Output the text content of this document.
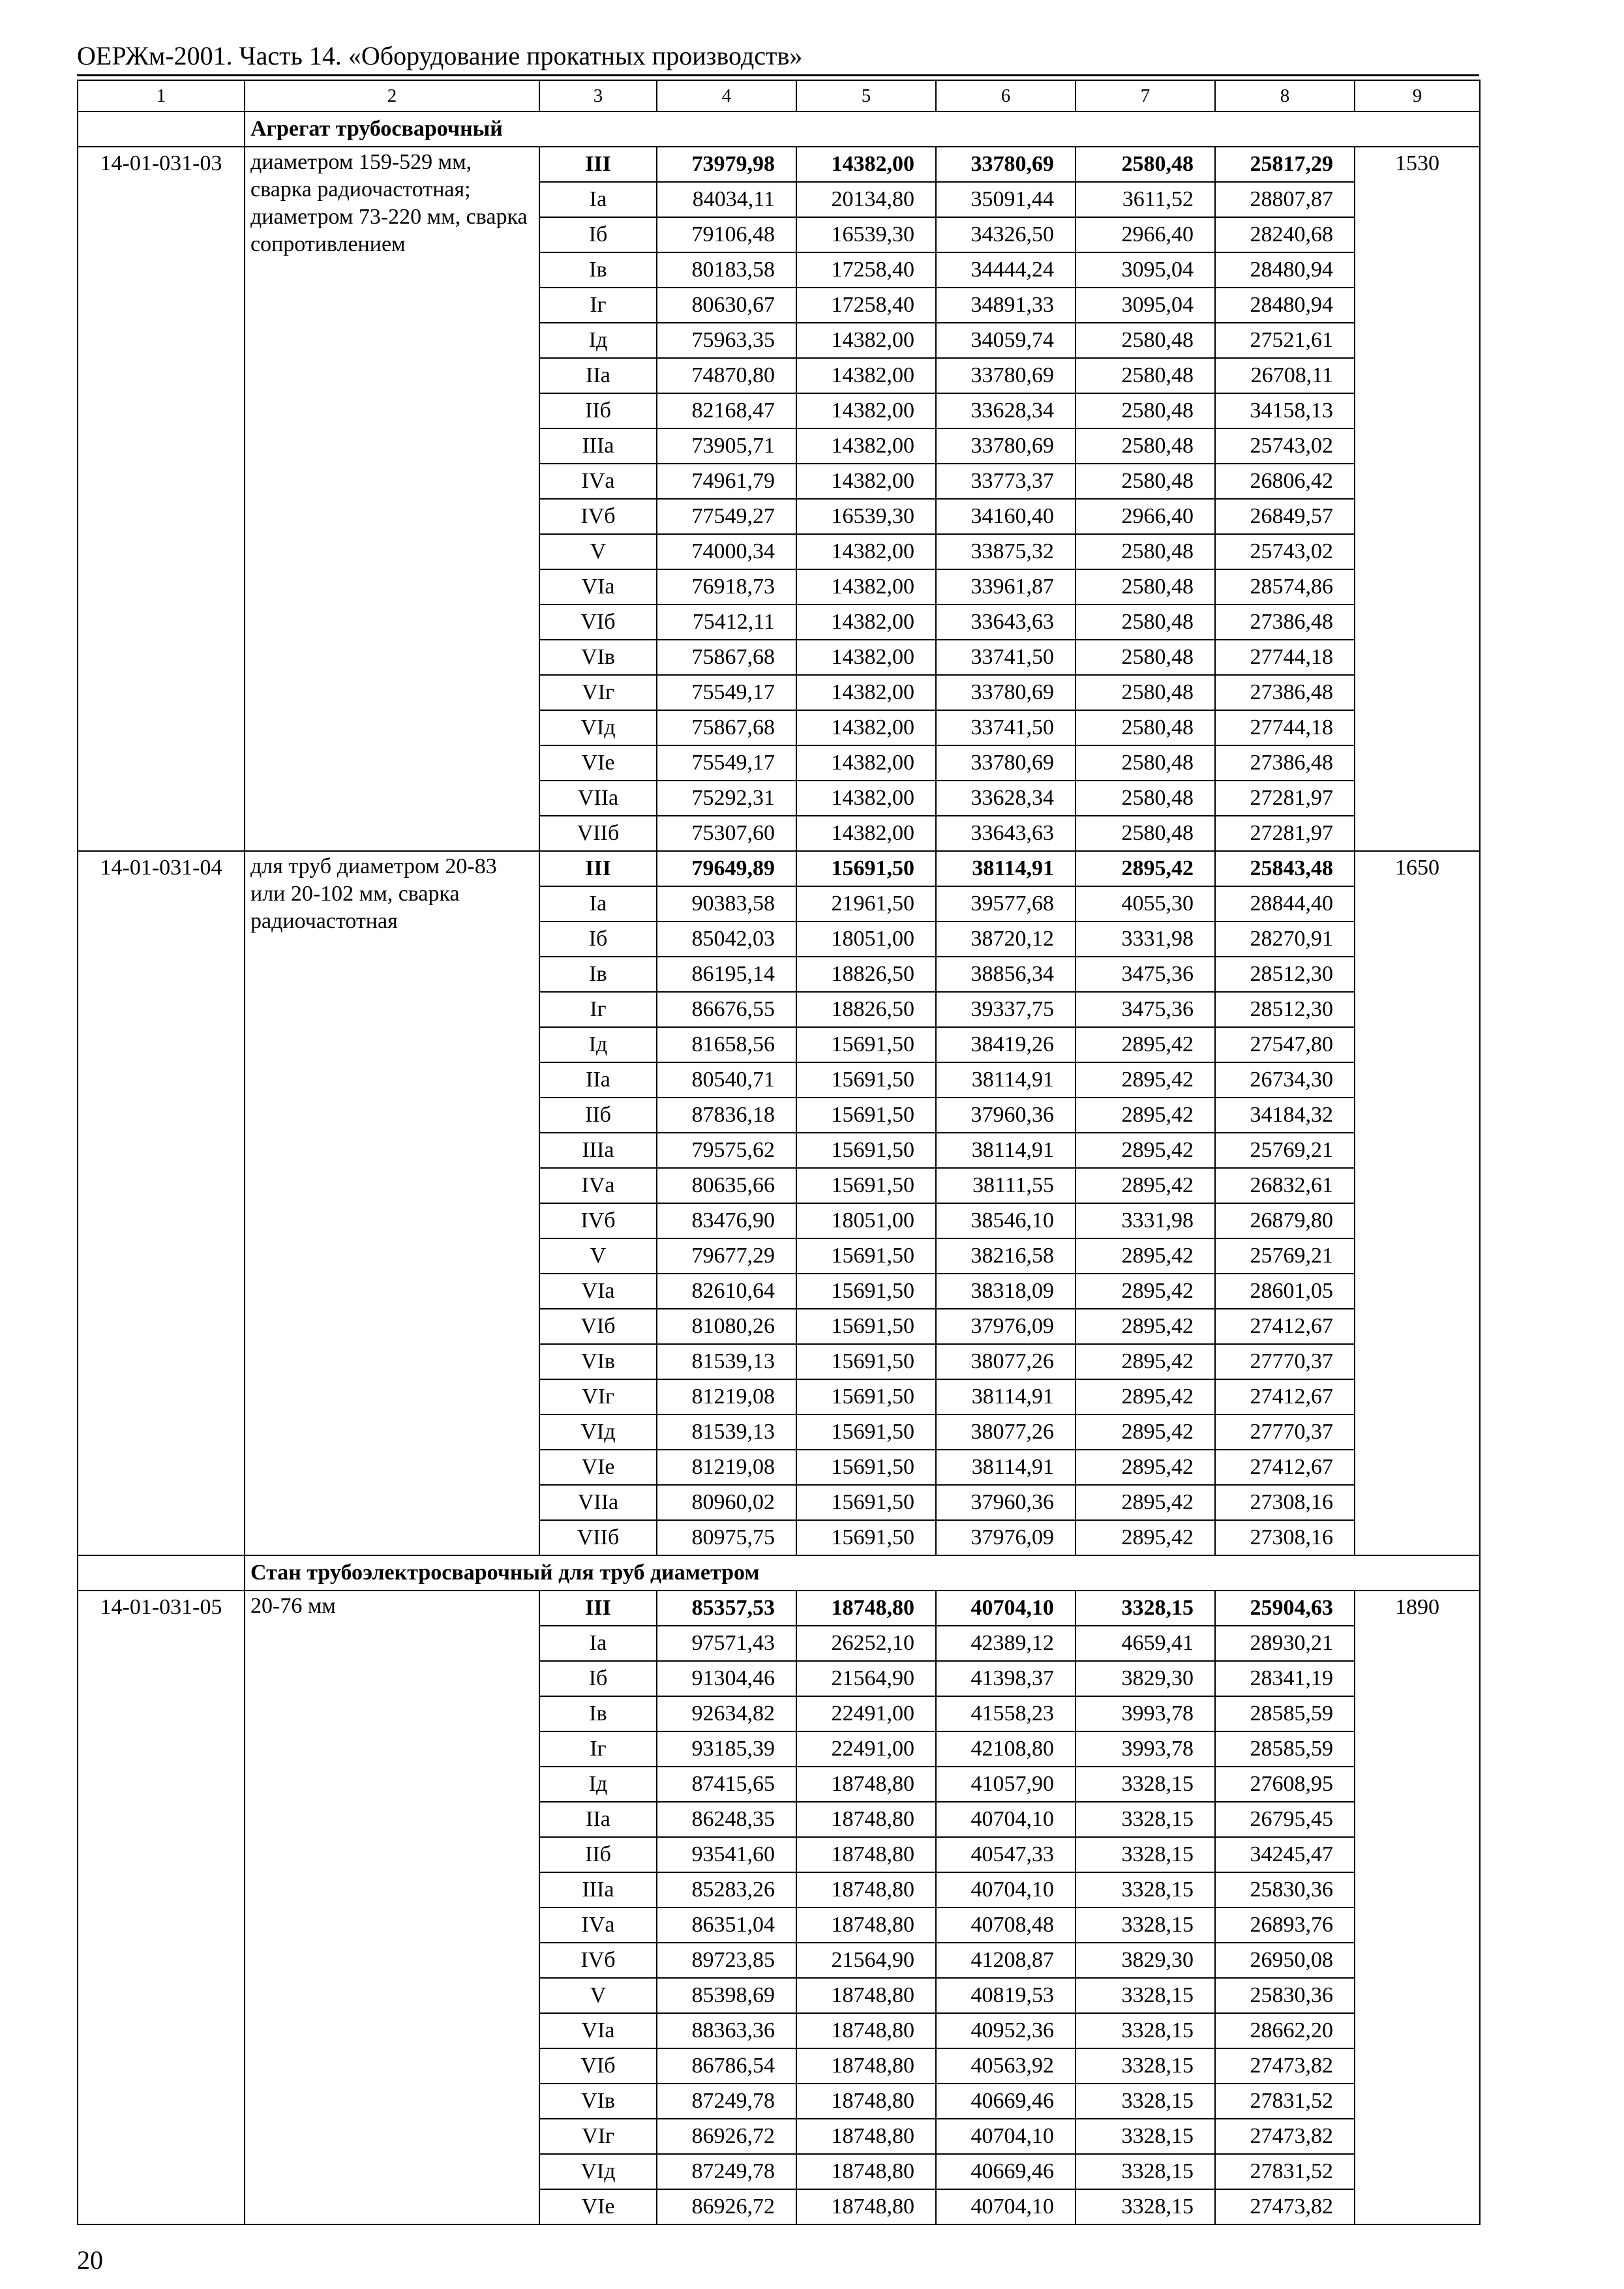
ОЕРЖм-2001. Часть 14. «Оборудование прокатных производств»
1	2	3	4	5	6	7	8	9
	Агрегат трубосварочный							
14-01-031-03	диаметром 159-529 мм, сварка радиочастотная; диаметром 73-220 мм, сварка сопротивлением	III	73979,98	14382,00	33780,69	2580,48	25817,29	1530
		Iа	84034,11	20134,80	35091,44	3611,52	28807,87	
		Iб	79106,48	16539,30	34326,50	2966,40	28240,68	
		Iв	80183,58	17258,40	34444,24	3095,04	28480,94	
		Iг	80630,67	17258,40	34891,33	3095,04	28480,94	
		Iд	75963,35	14382,00	34059,74	2580,48	27521,61	
		IIа	74870,80	14382,00	33780,69	2580,48	26708,11	
		IIб	82168,47	14382,00	33628,34	2580,48	34158,13	
		IIIа	73905,71	14382,00	33780,69	2580,48	25743,02	
		IVа	74961,79	14382,00	33773,37	2580,48	26806,42	
		IVб	77549,27	16539,30	34160,40	2966,40	26849,57	
		V	74000,34	14382,00	33875,32	2580,48	25743,02	
		VIа	76918,73	14382,00	33961,87	2580,48	28574,86	
		VIб	75412,11	14382,00	33643,63	2580,48	27386,48	
		VIв	75867,68	14382,00	33741,50	2580,48	27744,18	
		VIг	75549,17	14382,00	33780,69	2580,48	27386,48	
		VIд	75867,68	14382,00	33741,50	2580,48	27744,18	
		VIе	75549,17	14382,00	33780,69	2580,48	27386,48	
		VIIа	75292,31	14382,00	33628,34	2580,48	27281,97	
		VIIб	75307,60	14382,00	33643,63	2580,48	27281,97	
14-01-031-04	для труб диаметром 20-83 или 20-102 мм, сварка радиочастотная	III	79649,89	15691,50	38114,91	2895,42	25843,48	1650
		Iа	90383,58	21961,50	39577,68	4055,30	28844,40	
		Iб	85042,03	18051,00	38720,12	3331,98	28270,91	
		Iв	86195,14	18826,50	38856,34	3475,36	28512,30	
		Iг	86676,55	18826,50	39337,75	3475,36	28512,30	
		Iд	81658,56	15691,50	38419,26	2895,42	27547,80	
		IIа	80540,71	15691,50	38114,91	2895,42	26734,30	
		IIб	87836,18	15691,50	37960,36	2895,42	34184,32	
		IIIа	79575,62	15691,50	38114,91	2895,42	25769,21	
		IVа	80635,66	15691,50	38111,55	2895,42	26832,61	
		IVб	83476,90	18051,00	38546,10	3331,98	26879,80	
		V	79677,29	15691,50	38216,58	2895,42	25769,21	
		VIа	82610,64	15691,50	38318,09	2895,42	28601,05	
		VIб	81080,26	15691,50	37976,09	2895,42	27412,67	
		VIв	81539,13	15691,50	38077,26	2895,42	27770,37	
		VIг	81219,08	15691,50	38114,91	2895,42	27412,67	
		VIд	81539,13	15691,50	38077,26	2895,42	27770,37	
		VIе	81219,08	15691,50	38114,91	2895,42	27412,67	
		VIIа	80960,02	15691,50	37960,36	2895,42	27308,16	
		VIIб	80975,75	15691,50	37976,09	2895,42	27308,16	
	Стан трубоэлектросварочный для труб диаметром							
14-01-031-05	20-76 мм	III	85357,53	18748,80	40704,10	3328,15	25904,63	1890
		Iа	97571,43	26252,10	42389,12	4659,41	28930,21	
		Iб	91304,46	21564,90	41398,37	3829,30	28341,19	
		Iв	92634,82	22491,00	41558,23	3993,78	28585,59	
		Iг	93185,39	22491,00	42108,80	3993,78	28585,59	
		Iд	87415,65	18748,80	41057,90	3328,15	27608,95	
		IIа	86248,35	18748,80	40704,10	3328,15	26795,45	
		IIб	93541,60	18748,80	40547,33	3328,15	34245,47	
		IIIа	85283,26	18748,80	40704,10	3328,15	25830,36	
		IVа	86351,04	18748,80	40708,48	3328,15	26893,76	
		IVб	89723,85	21564,90	41208,87	3829,30	26950,08	
		V	85398,69	18748,80	40819,53	3328,15	25830,36	
		VIа	88363,36	18748,80	40952,36	3328,15	28662,20	
		VIб	86786,54	18748,80	40563,92	3328,15	27473,82	
		VIв	87249,78	18748,80	40669,46	3328,15	27831,52	
		VIг	86926,72	18748,80	40704,10	3328,15	27473,82	
		VIд	87249,78	18748,80	40669,46	3328,15	27831,52	
		VIе	86926,72	18748,80	40704,10	3328,15	27473,82	
20
